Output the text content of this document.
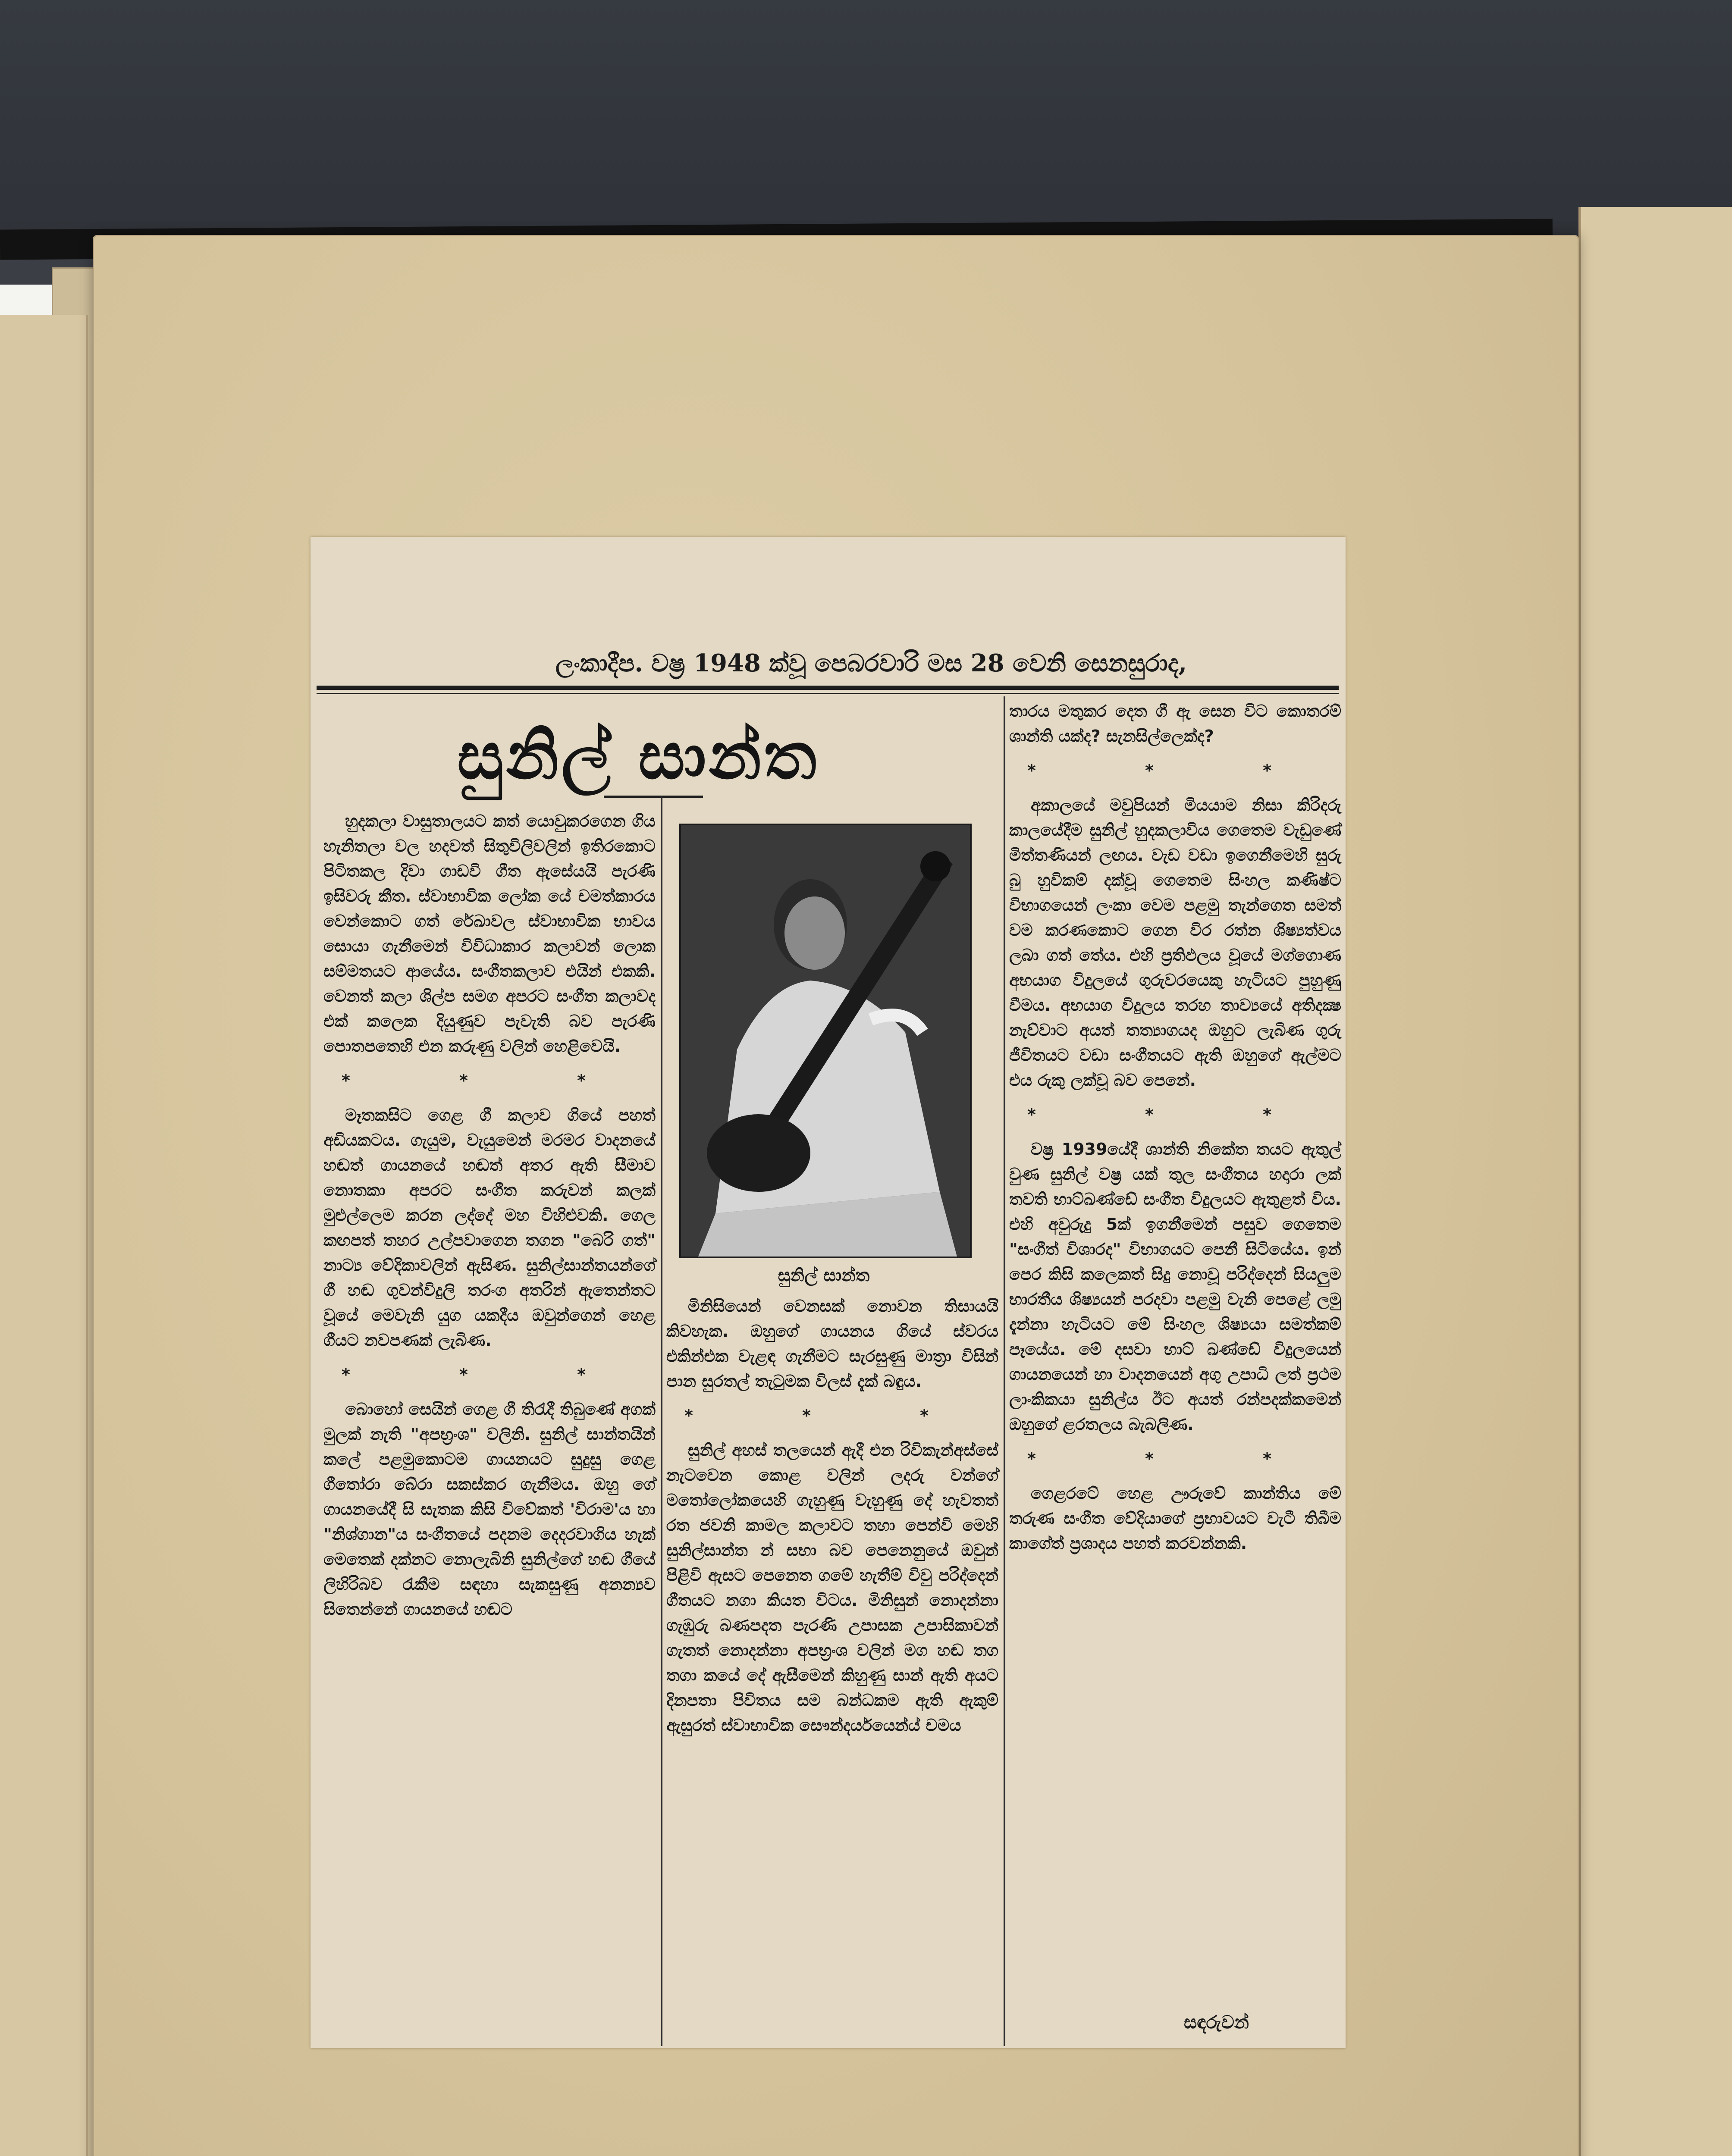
ලංකාදීප. වෂ්‍ර 1948 ක්වූ පෙබරවාරි මස 28 වෙනි සෙනසුරාද,
සුනිල් සාන්ත

හුදකලා වාසුතාලයට කත් යොවුකරගෙන ගිය හැනිතලා වල හදවත් සිතුවිලිවලින් ඉතිරකොට පිටිතකල දිවා ගාඩවි ගීත ඇසේයයි පැරණි ඉසිවරු කීත. ස්වාභාවික ලෝක යේ චමත්කාරය වෙන්කොට ගත් රේඛාවල ස්වාභාවික භාවය සොයා ගැනීමෙන් විවිධාකාර කලාවන් ලොක සම්මතයට ආයේය. සංගීතකලාව එයින් එකකි. වෙනත් කලා ශිල්ප සමග අපරට සංගීත කලාවද එක් කලෙක දියුණුව පැවැති බව පැරණි පොතපතෙහි එන කරුණු වලින් හෙළිවෙයි.

* * *

මෑතකසිට ගෙළ ගී කලාව ගියේ පහත් අඩියකටය. ගැයුම, වැයුමෙන් මරමර වාදනයේ හඬත් ගායනයේ හඬත් අතර ඇති සීමාව නොතකා අපරට සංගීත කරුවන් කලක් මුළුල්ලෙම කරන ලද්දේ මහ විහිළුවකි. ගෙල කඟපත් තහර උල්පවාගෙන තගන "බෙරි ගත්" නාට්‍ය වේදිකාවලින් ඇසිණ. සුනිල්සාන්තයන්ගේ ගී හඬ ගුවන්විදුලි තරංග අතරින් ඇතෙන්තට වූයේ මෙවැනි යුග යකදීය ඔවුන්ගෙන් හෙළ ගීයට නවපණක් ලැබිණ.

* * *

බොහෝ සෙයින් ගෙළ ගී තිරැදී තිබුණේ අගක් මුලක් නැති "අපභ්‍රංශ" වලිනි. සුනිල් සාන්තයින් කලේ පළමුකොටම ගායනයට සුදුසු ගෙළ ගීතෝරා බේරා සකස්කර ගැනීමය. ඔහු ගේ ගායනයේදී සි සැතක කිසි විවේකත් 'විරාම'ය හා "නිශ්ගාන"ය සංගීතයේ පදනම දෙදරවාගිය හැක් මෙතෙක් දක්නට නොලැබිනි සුනිල්ගේ හඬ ගීයේ ලිහිරිබව රැකීම සඳහා සැකසුණු අනන්‍යව සිතෙන්නේ ගායනයේ හඬට

සුනිල් සාන්ත

මිනිසියෙන් වෙනසක් නොවන තිසායයි කිවහැක. ඔහුගේ ගායනය ගියේ ස්වරය එකින්එක වැළඳ ගැනීමට සැරසුණු මාත්‍රා විසින් පාන සුරතල් තැටුමක විලස් දැක් බඳුය.

* * *

සුනිල් අහස් තලයෙන් ඇදී එන රිවිකැන්අස්සේ නැටවෙන කොළ වලින් ලදරු වන්ගේ මතෝලෝකයෙහි ගැහුණු වැහුණු දේ හැවතත් රත ජවනි කාමල කලාවට තහා පෙන්වි මෙහි සුනිල්සාන්ත න් සභා බව පෙනෙනුයේ ඔවුන් පිළිවි ඇසට පෙනෙත ගමේ හැතීම් විවු පරිද්දෙන් ගීතයට නගා කියත විටය. මිනිසුන් නොදන්නා ගැඹුරු බණපදත පැරණි උපාසක උපාසිකාවන් ගැතත් නොදන්නා අපභ්‍රංශ වලින් මග හඬ තග තගා කයේ දේ ඇසීමෙන් කිහුණු සාන් ඇති අයට දිනපතා පිවිතය සම බන්ධකම ඇති ඇකුම් ඇසුරත් ස්වාභාවික සෞන්දර්යයෙන්ය් චමය

තාරය මතුකර දෙත ගී ඇ සෙන විට කොතරම් ශාන්ති යක්ද? සැනසිල්ලෙක්ද?

* * *

අකාලයේ මවුපියන් මියයාම නිසා කිරිදරු කාලයේදීම සුනිල් හුදකලාවිය ගෙතෙම වැඩුණේ මිත්තණියන් ලඟය. වැඩ වඩා ඉගෙනීමෙහි සුරු බු හුවිකම් දක්වූ ගෙතෙම සිංහල කණිෂ්ට විභාගයෙන් ලංකා වෙම පළමු තැන්ගෙත සමත් වම කරණකොට ගෙන විර රත්න ශිෂ්‍යත්වය ලබා ගත් තේය. එහි ප්‍රතිඵලය වූයේ මග්ගොණ අභයාග විදුලයේ ගුරුවරයෙකු හැටියට පුහුණු වීමය. අභයාග විදුලය තරහ තාව්‍යයේ අතිදක්‍ෂ නැව්වාට අයත් තත්‍යාගයද ඔහුට ලැබිණ ගුරු ජීවිතයට වඩා සංගීතයට ඇති ඔහුගේ ඇල්මට එය රුකු ලක්වූ බව පෙනේ.

* * *

වෂ්‍ර 1939යේදී ශාන්ති නිකේත තයට ඇතුල් වුණ සුනිල් වෂ්‍ර යක් තුල සංගීතය හදාරා ලක් තවති භාට්ඛණ්ඩේ සංගීත විදුලයට ඇතුළත් විය. එහි අවුරුදු 5ක් ඉගනීමෙන් පසුව ගෙතෙම "සංගීත් විශාරද" විභාගයට පෙනී සිටියේය. ඉන් පෙර කිසි කලෙකත් සිදු නොවූ පරිද්දෙන් සියලුම භාරතීය ශිෂ්‍යයන් පරදවා පළමු වැනි පෙළේ ලමු දැන්නා හැටියට මේ සිංහල ශිෂ්‍යයා සමත්කම් පෑයේය. මේ දසවා භාට් ඛණ්ඩේ විදුලයෙන් ගායනයෙන් හා වාදනයෙන් අගු උපාධි ලත් ප්‍රථම ලාංකිකයා සුනිල්ය ඊට අයත් රන්පදක්කමෙන් ඔහුගේ ළරතලය බැබලිණ.

* * *

ගෙළරටේ හෙළ ඌරුවේ කාන්තිය මේ තරුණ සංගීත වේදියාගේ ප්‍රභාවයට වැටී තිබීම කාගේත් ප්‍රශාදය පහත් කරවන්නකි.

සඳරුවන්
